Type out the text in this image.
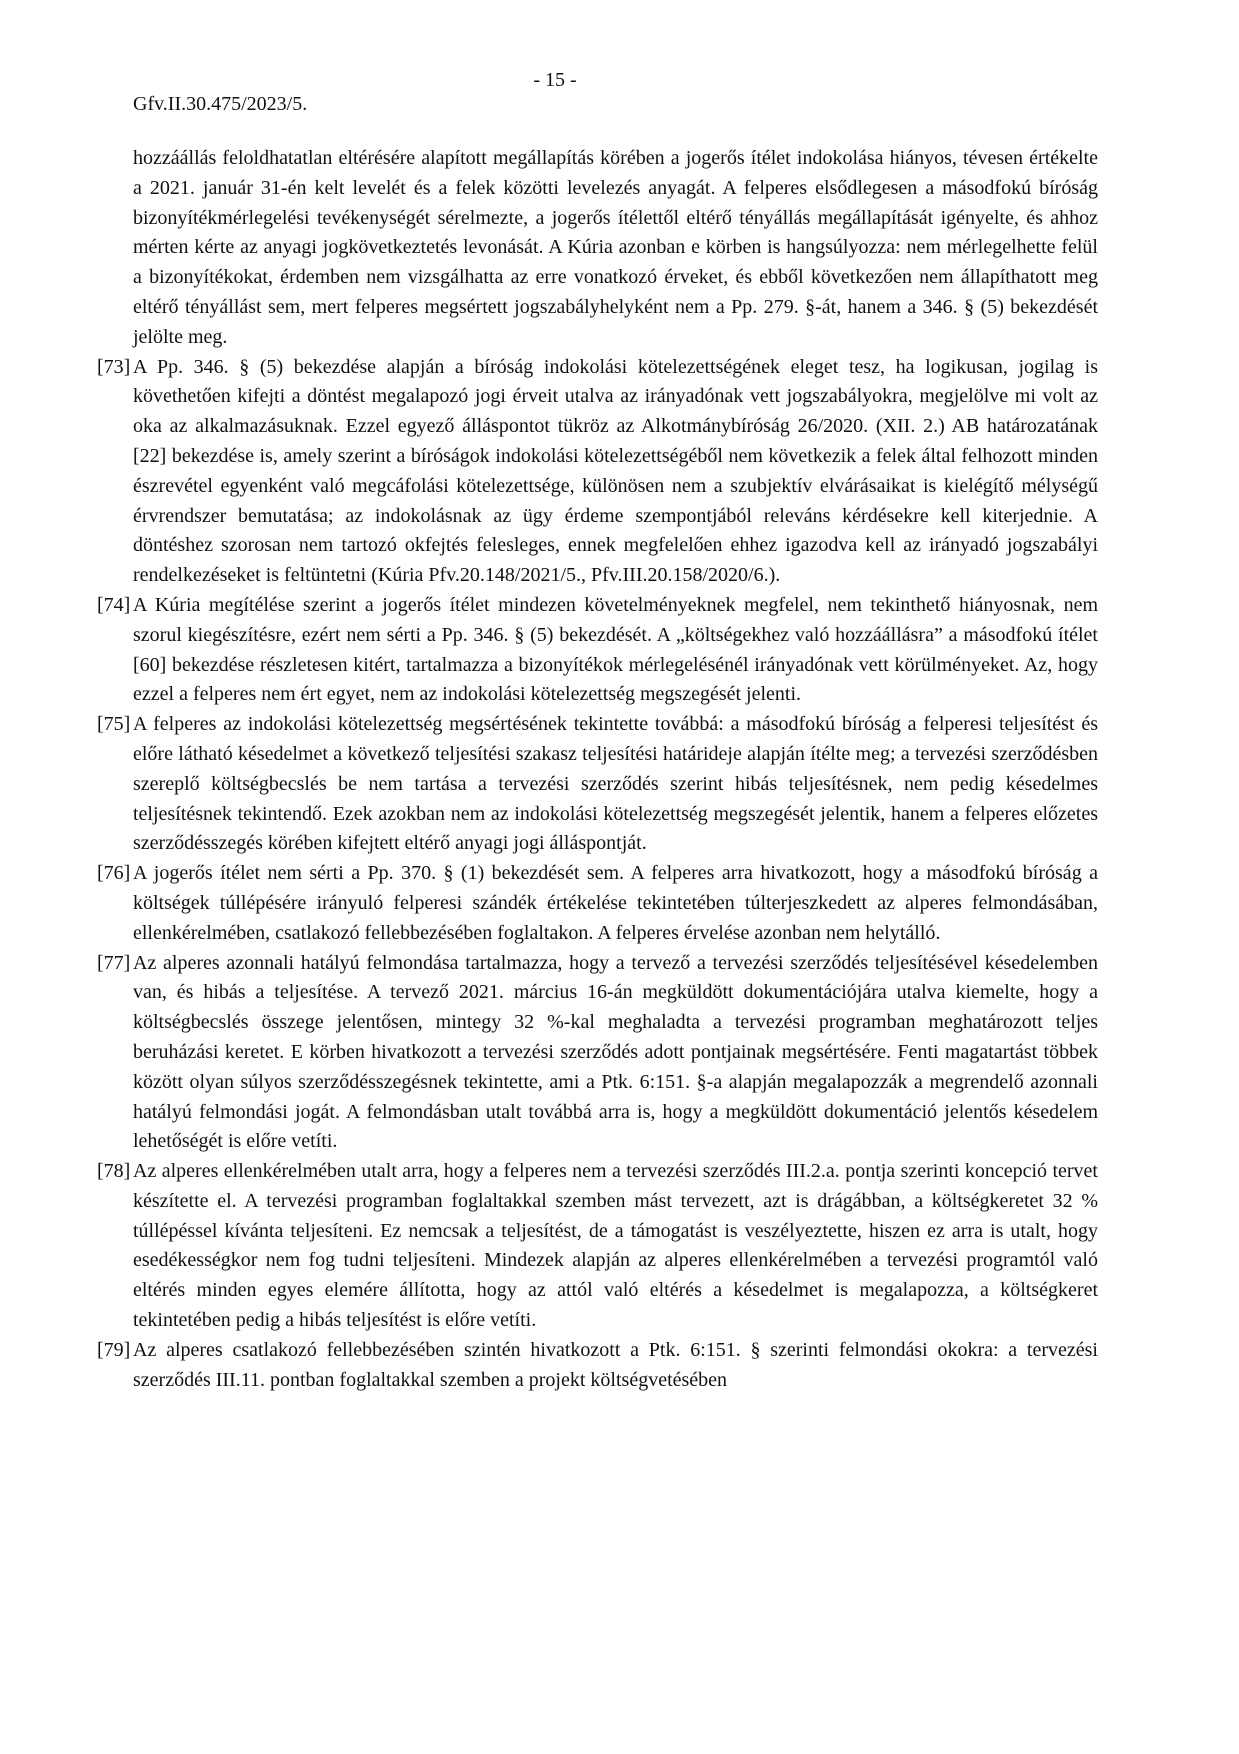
- 15 -
Gfv.II.30.475/2023/5.
hozzáállás feloldhatatlan eltérésére alapított megállapítás körében a jogerős ítélet indokolása hiányos, tévesen értékelte a 2021. január 31-én kelt levelét és a felek közötti levelezés anyagát. A felperes elsődlegesen a másodfokú bíróság bizonyítékmérlegelési tevékenységét sérelmezte, a jogerős ítélettől eltérő tényállás megállapítását igényelte, és ahhoz mérten kérte az anyagi jogkövetkeztetés levonását. A Kúria azonban e körben is hangsúlyozza: nem mérlegelhette felül a bizonyítékokat, érdemben nem vizsgálhatta az erre vonatkozó érveket, és ebből következően nem állapíthatott meg eltérő tényállást sem, mert felperes megsértett jogszabályhelyként nem a Pp. 279. §-át, hanem a 346. § (5) bekezdését jelölte meg.
[73] A Pp. 346. § (5) bekezdése alapján a bíróság indokolási kötelezettségének eleget tesz, ha logikusan, jogilag is követhetően kifejti a döntést megalapozó jogi érveit utalva az irányadónak vett jogszabályokra, megjelölve mi volt az oka az alkalmazásuknak. Ezzel egyező álláspontot tükröz az Alkotmánybíróság 26/2020. (XII. 2.) AB határozatának [22] bekezdése is, amely szerint a bíróságok indokolási kötelezettségéből nem következik a felek által felhozott minden észrevétel egyenként való megcáfolási kötelezettsége, különösen nem a szubjektív elvárásaikat is kielégítő mélységű érvrendszer bemutatása; az indokolásnak az ügy érdeme szempontjából releváns kérdésekre kell kiterjednie. A döntéshez szorosan nem tartozó okfejtés felesleges, ennek megfelelően ehhez igazodva kell az irányadó jogszabályi rendelkezéseket is feltüntetni (Kúria Pfv.20.148/2021/5., Pfv.III.20.158/2020/6.).
[74] A Kúria megítélése szerint a jogerős ítélet mindezen követelményeknek megfelel, nem tekinthető hiányosnak, nem szorul kiegészítésre, ezért nem sérti a Pp. 346. § (5) bekezdését. A „költségekhez való hozzáállásra” a másodfokú ítélet [60] bekezdése részletesen kitért, tartalmazza a bizonyítékok mérlegelésénél irányadónak vett körülményeket. Az, hogy ezzel a felperes nem ért egyet, nem az indokolási kötelezettség megszegését jelenti.
[75] A felperes az indokolási kötelezettség megsértésének tekintette továbbá: a másodfokú bíróság a felperesi teljesítést és előre látható késedelmet a következő teljesítési szakasz teljesítési határideje alapján ítélte meg; a tervezési szerződésben szereplő költségbecslés be nem tartása a tervezési szerződés szerint hibás teljesítésnek, nem pedig késedelmes teljesítésnek tekintendő. Ezek azokban nem az indokolási kötelezettség megszegését jelentik, hanem a felperes előzetes szerződésszegés körében kifejtett eltérő anyagi jogi álláspontját.
[76] A jogerős ítélet nem sérti a Pp. 370. § (1) bekezdését sem. A felperes arra hivatkozott, hogy a másodfokú bíróság a költségek túllépésére irányuló felperesi szándék értékelése tekintetében túlterjeszkedett az alperes felmondásában, ellenkérelmében, csatlakozó fellebbezésében foglaltakon. A felperes érvelése azonban nem helytálló.
[77] Az alperes azonnali hatályú felmondása tartalmazza, hogy a tervező a tervezési szerződés teljesítésével késedelemben van, és hibás a teljesítése. A tervező 2021. március 16-án megküldött dokumentációjára utalva kiemelte, hogy a költségbecslés összege jelentősen, mintegy 32 %-kal meghaladta a tervezési programban meghatározott teljes beruházási keretet. E körben hivatkozott a tervezési szerződés adott pontjainak megsértésére. Fenti magatartást többek között olyan súlyos szerződésszegésnek tekintette, ami a Ptk. 6:151. §-a alapján megalapozzák a megrendelő azonnali hatályú felmondási jogát. A felmondásban utalt továbbá arra is, hogy a megküldött dokumentáció jelentős késedelem lehetőségét is előre vetíti.
[78] Az alperes ellenkérelmében utalt arra, hogy a felperes nem a tervezési szerződés III.2.a. pontja szerinti koncepció tervet készítette el. A tervezési programban foglaltakkal szemben mást tervezett, azt is drágábban, a költségkeretet 32 % túllépéssel kívánta teljesíteni. Ez nemcsak a teljesítést, de a támogatást is veszélyeztette, hiszen ez arra is utalt, hogy esedékességkor nem fog tudni teljesíteni. Mindezek alapján az alperes ellenkérelmében a tervezési programtól való eltérés minden egyes elemére állította, hogy az attól való eltérés a késedelmet is megalapozza, a költségkeret tekintetében pedig a hibás teljesítést is előre vetíti.
[79] Az alperes csatlakozó fellebbezésében szintén hivatkozott a Ptk. 6:151. § szerinti felmondási okokra: a tervezési szerződés III.11. pontban foglaltakkal szemben a projekt költségvetésében
